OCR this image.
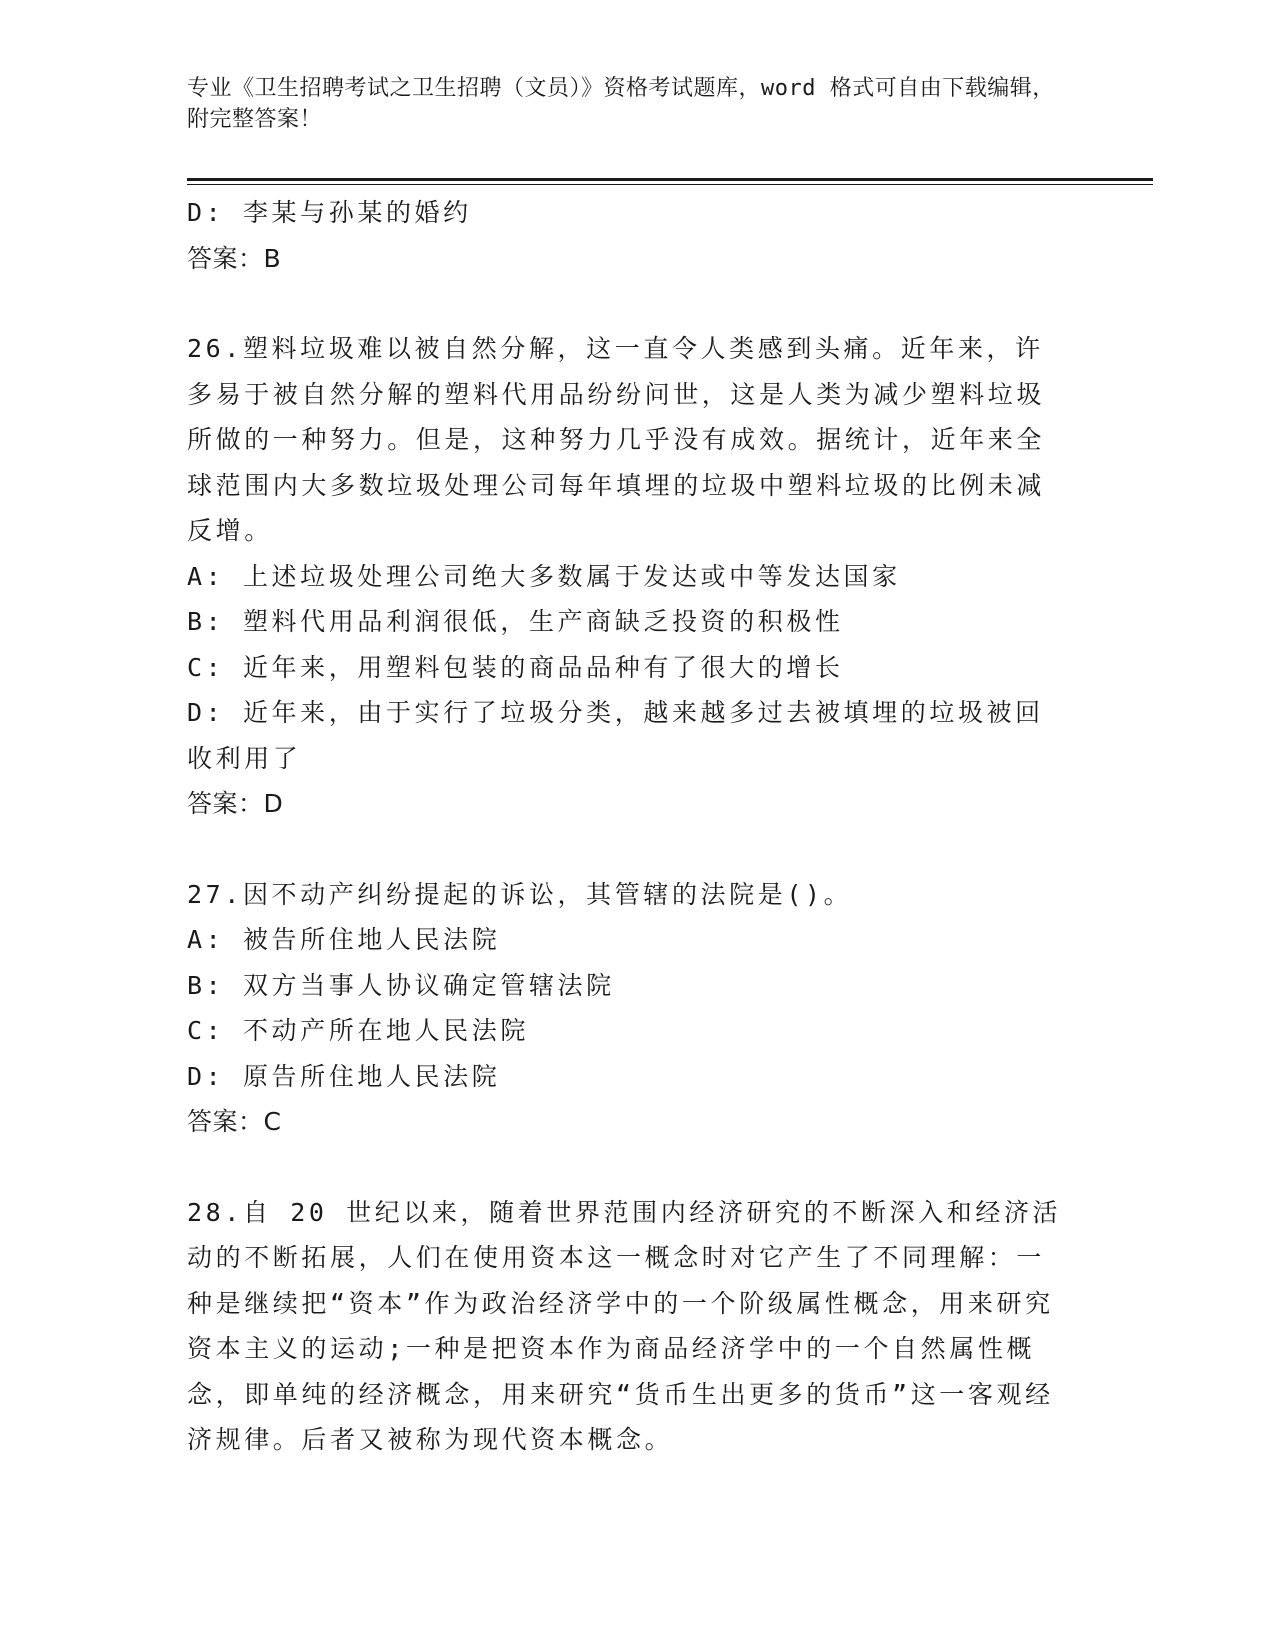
专业《卫生招聘考试之卫生招聘（文员）》资格考试题库，word 格式可自由下载编辑，附完整答案！
D: 李某与孙某的婚约
答案：B
26.塑料垃圾难以被自然分解，这一直令人类感到头痛。近年来，许多易于被自然分解的塑料代用品纷纷问世，这是人类为减少塑料垃圾所做的一种努力。但是，这种努力几乎没有成效。据统计，近年来全球范围内大多数垃圾处理公司每年填埋的垃圾中塑料垃圾的比例未减反增。
A: 上述垃圾处理公司绝大多数属于发达或中等发达国家
B: 塑料代用品利润很低，生产商缺乏投资的积极性
C: 近年来，用塑料包装的商品品种有了很大的增长
D: 近年来，由于实行了垃圾分类，越来越多过去被填埋的垃圾被回收利用了
答案：D
27.因不动产纠纷提起的诉讼，其管辖的法院是()。
A: 被告所住地人民法院
B: 双方当事人协议确定管辖法院
C: 不动产所在地人民法院
D: 原告所住地人民法院
答案：C
28.自 20 世纪以来，随着世界范围内经济研究的不断深入和经济活动的不断拓展，人们在使用资本这一概念时对它产生了不同理解：一种是继续把“资本”作为政治经济学中的一个阶级属性概念，用来研究资本主义的运动;一种是把资本作为商品经济学中的一个自然属性概念，即单纯的经济概念，用来研究“货币生出更多的货币”这一客观经济规律。后者又被称为现代资本概念。
